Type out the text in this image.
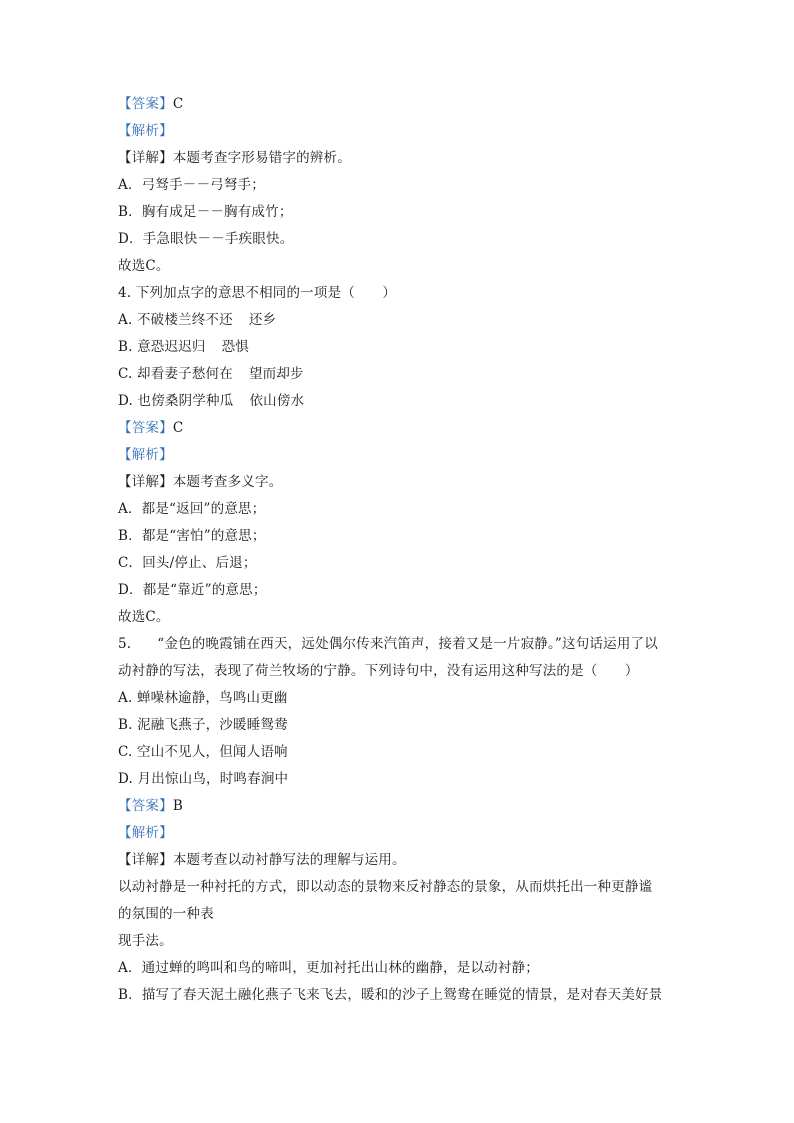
【答案】C
【解析】
【详解】本题考查字形易错字的辨析。
A．弓驽手－－弓弩手；
B．胸有成足－－胸有成竹；
D．手急眼快－－手疾眼快。
故选C。
4. 下列加点字的意思不相同的一项是（　　）
A. 不破楼兰终不还 还乡
B. 意恐迟迟归 恐惧
C. 却看妻子愁何在 望而却步
D. 也傍桑阴学种瓜 依山傍水
【答案】C
【解析】
【详解】本题考查多义字。
A．都是“返回”的意思；
B．都是“害怕”的意思；
C．回头/停止、后退；
D．都是“靠近”的意思；
故选C。
5. “金色的晚霞铺在西天，远处偶尔传来汽笛声，接着又是一片寂静。”这句话运用了以
动衬静的写法，表现了荷兰牧场的宁静。下列诗句中，没有运用这种写法的是（　　）
A. 蝉噪林逾静，鸟鸣山更幽
B. 泥融飞燕子，沙暖睡鸳鸯
C. 空山不见人，但闻人语响
D. 月出惊山鸟，时鸣春涧中
【答案】B
【解析】
【详解】本题考查以动衬静写法的理解与运用。
以动衬静是一种衬托的方式，即以动态的景物来反衬静态的景象，从而烘托出一种更静谧
的氛围的一种表
现手法。
A．通过蝉的鸣叫和鸟的啼叫，更加衬托出山林的幽静，是以动衬静；
B．描写了春天泥土融化燕子飞来飞去，暖和的沙子上鸳鸯在睡觉的情景，是对春天美好景
